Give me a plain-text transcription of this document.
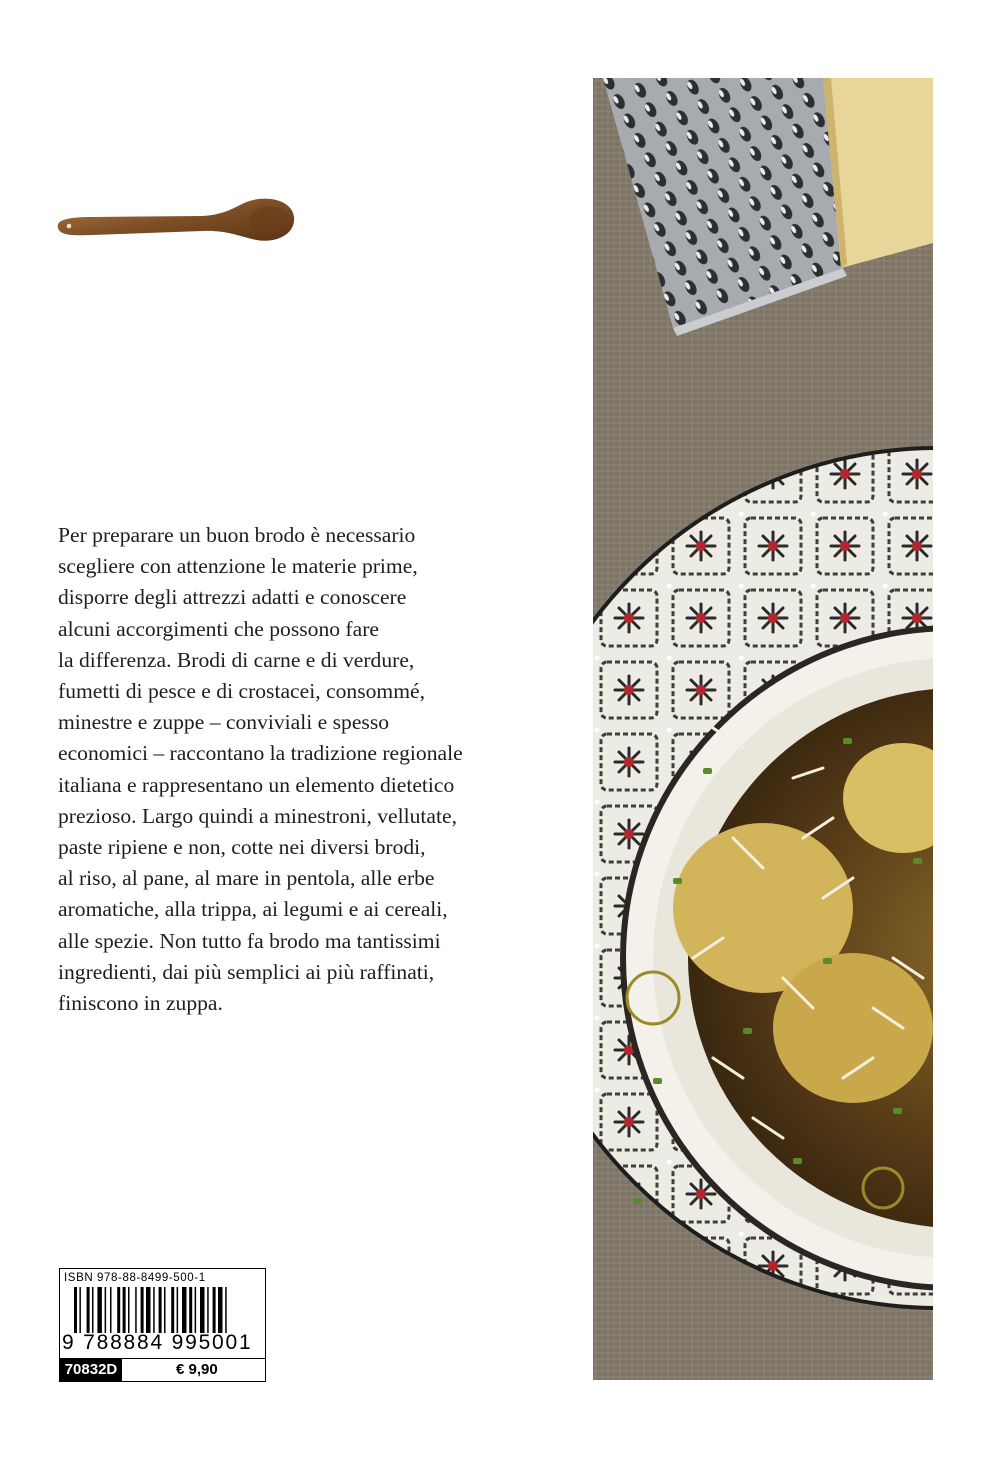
Per preparare un buon brodo è necessario
scegliere con attenzione le materie prime,
disporre degli attrezzi adatti e conoscere
alcuni accorgimenti che possono fare
la differenza. Brodi di carne e di verdure,
fumetti di pesce e di crostacei, consommé,
minestre e zuppe – conviviali e spesso
economici – raccontano la tradizione regionale
italiana e rappresentano un elemento dietetico
prezioso. Largo quindi a minestroni, vellutate,
paste ripiene e non, cotte nei diversi brodi,
al riso, al pane, al mare in pentola, alle erbe
aromatiche, alla trippa, ai legumi e ai cereali,
alle spezie. Non tutto fa brodo ma tantissimi
ingredienti, dai più semplici ai più raffinati,
finiscono in zuppa.

ISBN 978-88-8499-500-1
9 788884 995001
70832D	€ 9,90
